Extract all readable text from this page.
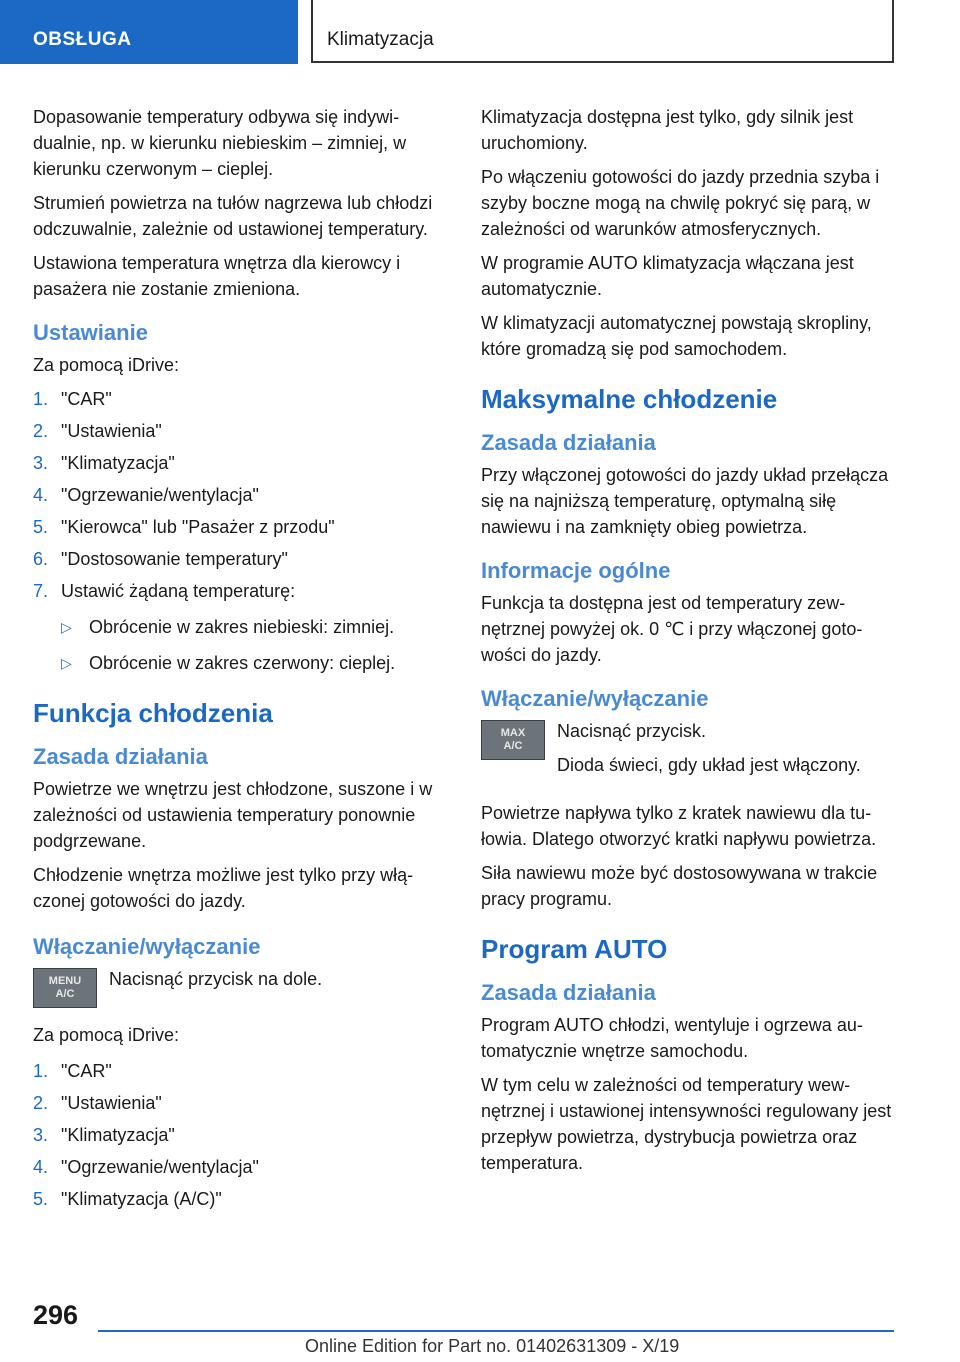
OBSŁUGA	Klimatyzacja

Dopasowanie temperatury odbywa się indywidualnie, np. w kierunku niebieskim – zimniej, w kierunku czerwonym – cieplej.

Strumień powietrza na tułów nagrzewa lub chłodzi odczuwalnie, zależnie od ustawionej temperatury.

Ustawiona temperatura wnętrza dla kierowcy i pasażera nie zostanie zmieniona.

Ustawianie

Za pomocą iDrive:

1. "CAR"
2. "Ustawienia"
3. "Klimatyzacja"
4. "Ogrzewanie/wentylacja"
5. "Kierowca" lub "Pasażer z przodu"
6. "Dostosowanie temperatury"
7. Ustawić żądaną temperaturę:
▷ Obrócenie w zakres niebieski: zimniej.
▷ Obrócenie w zakres czerwony: cieplej.
Funkcja chłodzenia
Zasada działania

Powietrze we wnętrzu jest chłodzone, suszone i w zależności od ustawienia temperatury ponownie podgrzewane.

Chłodzenie wnętrza możliwe jest tylko przy włączonej gotowości do jazdy.

Włączanie/wyłączanie
MENU
A/C

Nacisnąć przycisk na dole.

Za pomocą iDrive:

1. "CAR"
2. "Ustawienia"
3. "Klimatyzacja"
4. "Ogrzewanie/wentylacja"
5. "Klimatyzacja (A/C)"

Klimatyzacja dostępna jest tylko, gdy silnik jest uruchomiony.

Po włączeniu gotowości do jazdy przednia szyba i szyby boczne mogą na chwilę pokryć się parą, w zależności od warunków atmosferycznych.

W programie AUTO klimatyzacja włączana jest automatycznie.

W klimatyzacji automatycznej powstają skropliny, które gromadzą się pod samochodem.

Maksymalne chłodzenie
Zasada działania

Przy włączonej gotowości do jazdy układ przełącza się na najniższą temperaturę, optymalną siłę nawiewu i na zamknięty obieg powietrza.

Informacje ogólne

Funkcja ta dostępna jest od temperatury zewnętrznej powyżej ok. 0 ℃ i przy włączonej gotowości do jazdy.

Włączanie/wyłączanie
MAX
A/C

Nacisnąć przycisk.

Dioda świeci, gdy układ jest włączony.

Powietrze napływa tylko z kratek nawiewu dla tułowia. Dlatego otworzyć kratki napływu powietrza.

Siła nawiewu może być dostosowywana w trakcie pracy programu.

Program AUTO
Zasada działania

Program AUTO chłodzi, wentyluje i ogrzewa automatycznie wnętrze samochodu.

W tym celu w zależności od temperatury wewnętrznej i ustawionej intensywności regulowany jest przepływ powietrza, dystrybucja powietrza oraz temperatura.

296
Online Edition for Part no. 01402631309 - X/19
